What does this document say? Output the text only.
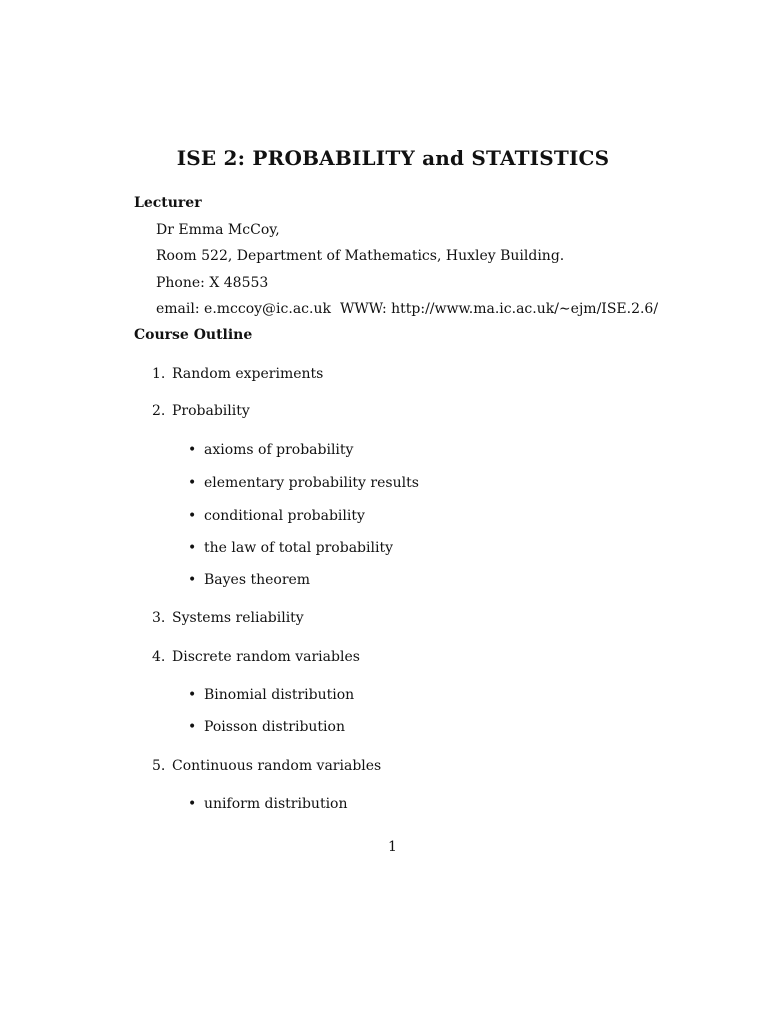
ISE 2: PROBABILITY and STATISTICS
Lecturer
Dr Emma McCoy,
Room 522, Department of Mathematics, Huxley Building.
Phone: X 48553
email: e.mccoy@ic.ac.uk WWW: http://www.ma.ic.ac.uk/∼ejm/ISE.2.6/
Course Outline
1. Random experiments
2. Probability
• axioms of probability
• elementary probability results
• conditional probability
• the law of total probability
• Bayes theorem
3. Systems reliability
4. Discrete random variables
• Binomial distribution
• Poisson distribution
5. Continuous random variables
• uniform distribution
1
